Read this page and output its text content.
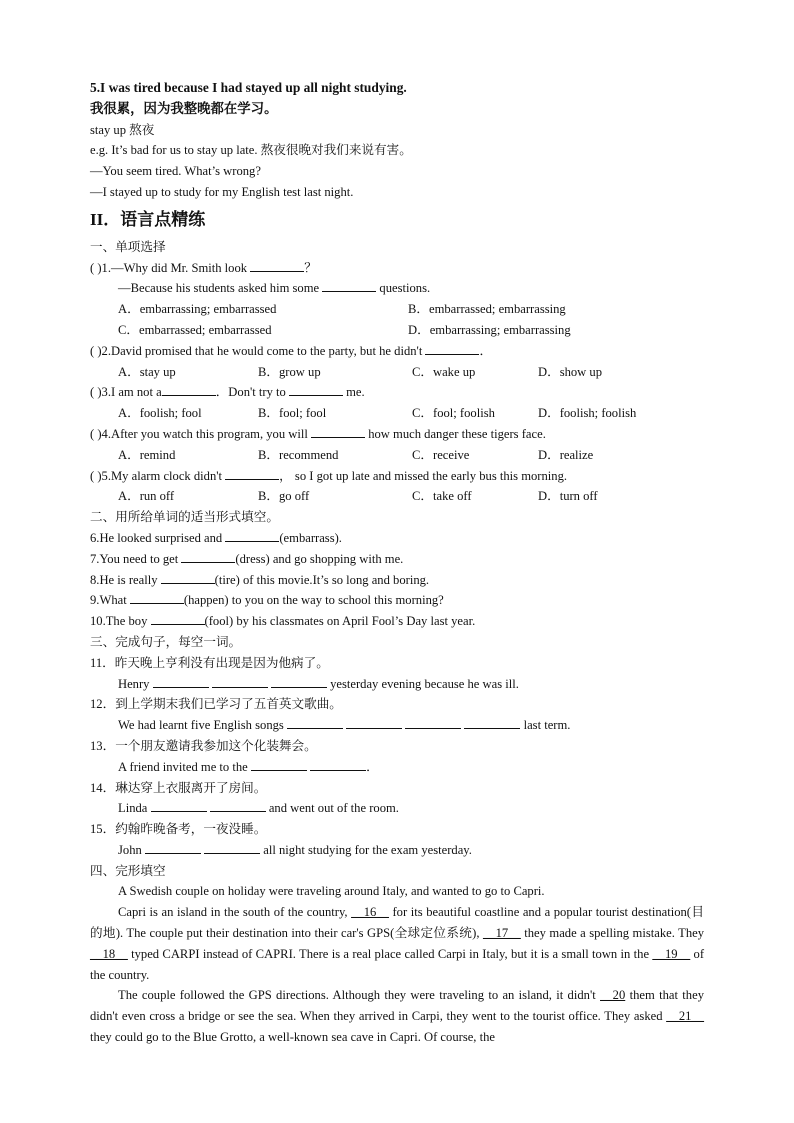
5.I was tired because I had stayed up all night studying.
我很累，因为我整晚都在学习。
stay up 熬夜
e.g. It’s bad for us to stay up late. 熬夜很晚对我们来说有害。
—You seem tired. What’s wrong?
—I stayed up to study for my English test last night.
II．语言点精练
一、单项选择
( )1.—Why did Mr. Smith look	？
—Because his students asked him some	questions.
A．embarrassing; embarrassed	B．embarrassed; embarrassing
C．embarrassed; embarrassed	D．embarrassing; embarrassing
( )2.David promised that he would come to the party, but he didn't	．
A．stay up	B．grow up	C．wake up	D．show up
( )3.I am not a	．Don't try to	me.
A．foolish; fool	B．fool; fool	C．fool; foolish	D．foolish; foolish
( )4.After you watch this program, you will	how much danger these tigers face.
A．remind	B．recommend	C．receive	D．realize
( )5.My alarm clock didn't	， so I got up late and missed the early bus this morning.
A．run off	B．go off	C．take off	D．turn off
二、用所给单词的适当形式填空。
6.He looked surprised and	(embarrass).
7.You need to get	(dress) and go shopping with me.
8.He is really	(tire) of this movie.It’s so long and boring.
9.What	(happen) to you on the way to school this morning?
10.The boy	(fool) by his classmates on April Fool’s Day last year.
三、完成句子，每空一词。
11．昨天晚上亨利没有出现是因为他病了。
Henry	yesterday evening because he was ill.
12．到上学期末我们已学习了五首英文歌曲。
We had learnt five English songs	last term.
13．一个朋友邀请我参加这个化装舞会。
A friend invited me to the	．
14．琳达穿上衣服离开了房间。
Linda	and went out of the room.
15．约翰昨晚备考，一夜没睡。
John	all night studying for the exam yesterday.
四、完形填空
A Swedish couple on holiday were traveling around Italy, and wanted to go to Capri.
Capri is an island in the south of the country, __16__ for its beautiful coastline and a popular tourist destination(目的地). The couple put their destination into their car's GPS(全球定位系统), __17__ they made a spelling mistake. They __18__ typed CARPI instead of CAPRI. There is a real place called Carpi in Italy, but it is a small town in the __19__ of the country.
The couple followed the GPS directions. Although they were traveling to an island, it didn't __20 them that they didn't even cross a bridge or see the sea. When they arrived in Carpi, they went to the tourist office. They asked __21__ they could go to the Blue Grotto, a well-known sea cave in Capri. Of course, the
